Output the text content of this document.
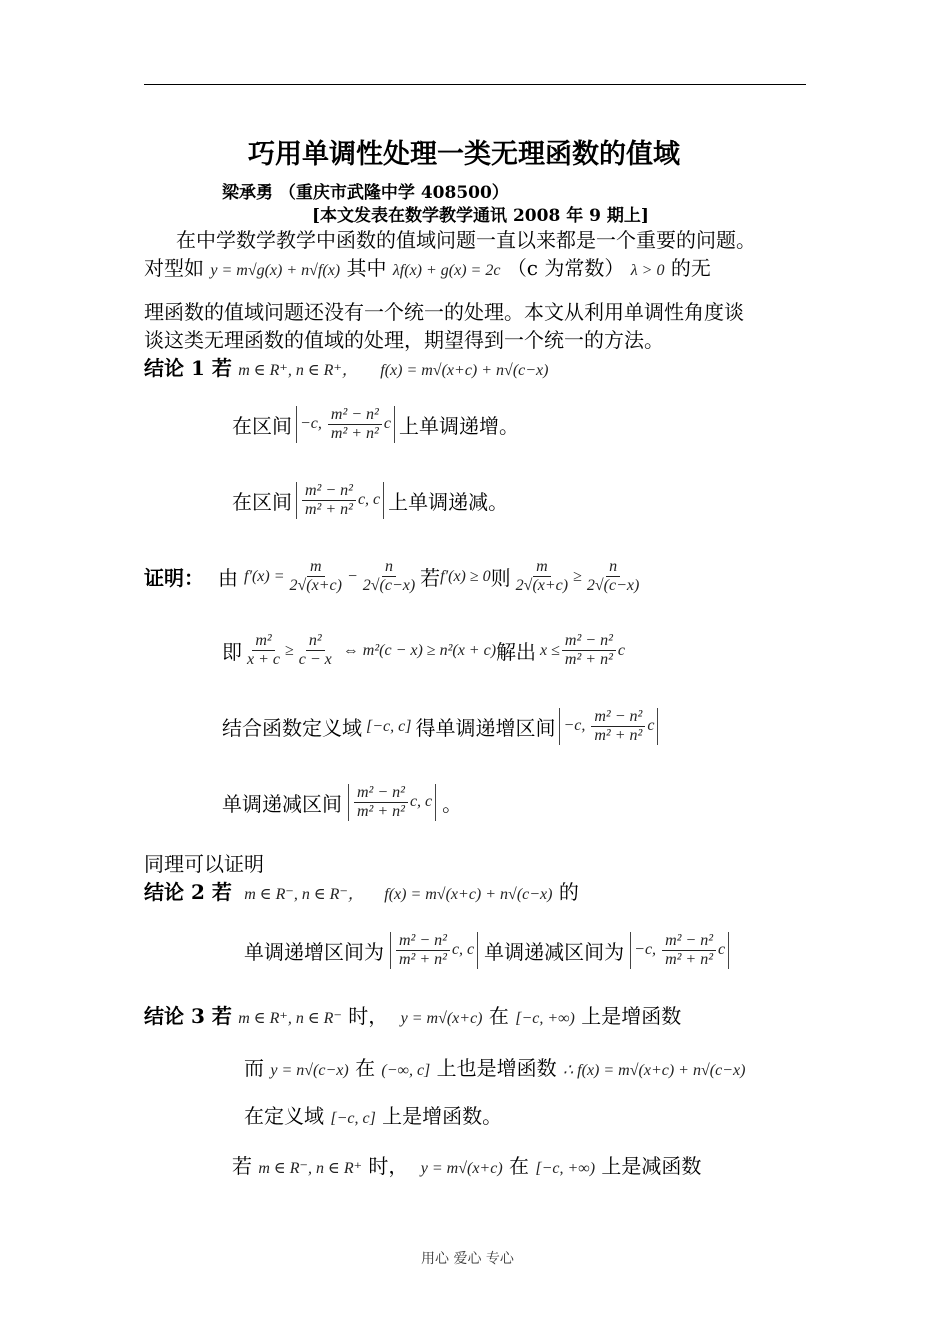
巧用单调性处理一类无理函数的值域
梁承勇 （重庆市武隆中学 408500）
[本文发表在数学教学通讯 2008 年 9 期上]
在中学数学教学中函数的值域问题一直以来都是一个重要的问题。
对型如 y = m√g(x) + n√f(x) 其中 λf(x) + g(x) = 2c （c 为常数） λ > 0 的无
理函数的值域问题还没有一个统一的处理。本文从利用单调性角度谈
谈这类无理函数的值域的处理，期望得到一个统一的方法。
结论 1 若 m ∈ R⁺, n ∈ R⁺， f(x) = m√(x+c) + n√(c−x)
在区间 −c, $\frac{\text{m² − n²}}{\text{m² + n²}}$ c 上单调递增。
在区间 $\frac{\text{m² − n²}}{\text{m² + n²}} c$, c 上单调递减。
证明： 由 $f'(x) = \frac{m}{2√(x+c)} - \frac{n}{2√(c-x)}$ 若 f′(x) ≥ 0 则 $\frac{m}{2√(x+c)} \ge \frac{n}{2√(c-x)}$
即 $\frac{\text{m²}}{x + c} \ge \frac{\text{n²}}{c - x}$ ⇔ m²(c − x) ≥ n²(x + c) 解出 $x \le \frac{\text{m² − n²}}{\text{m² + n²}}$ c
结合函数定义域 [−c, c] 得单调递增区间 −c, $\frac{\text{m² − n²}}{\text{m² + n²}}$ c
单调递减区间 $\frac{\text{m² − n²}}{\text{m² + n²}} c$, c 。
同理可以证明
结论 2 若 m ∈ R⁻, n ∈ R⁻， f(x) = m√(x+c) + n√(c−x) 的
单调递增区间为 $\frac{\text{m² − n²}}{\text{m² + n²}} c$, c 单调递减区间为 −c, $\frac{\text{m² − n²}}{\text{m² + n²}}$ c
结论 3 若 m ∈ R⁺, n ∈ R⁻ 时， y = m√(x+c) 在 [−c, +∞) 上是增函数
而 y = n√(c−x) 在 (−∞, c] 上也是增函数 ∴ f(x) = m√(x+c) + n√(c−x)
在定义域 [−c, c] 上是增函数。
若 m ∈ R⁻, n ∈ R⁺ 时， y = m√(x+c) 在 [−c, +∞) 上是减函数
用心 爱心 专心
